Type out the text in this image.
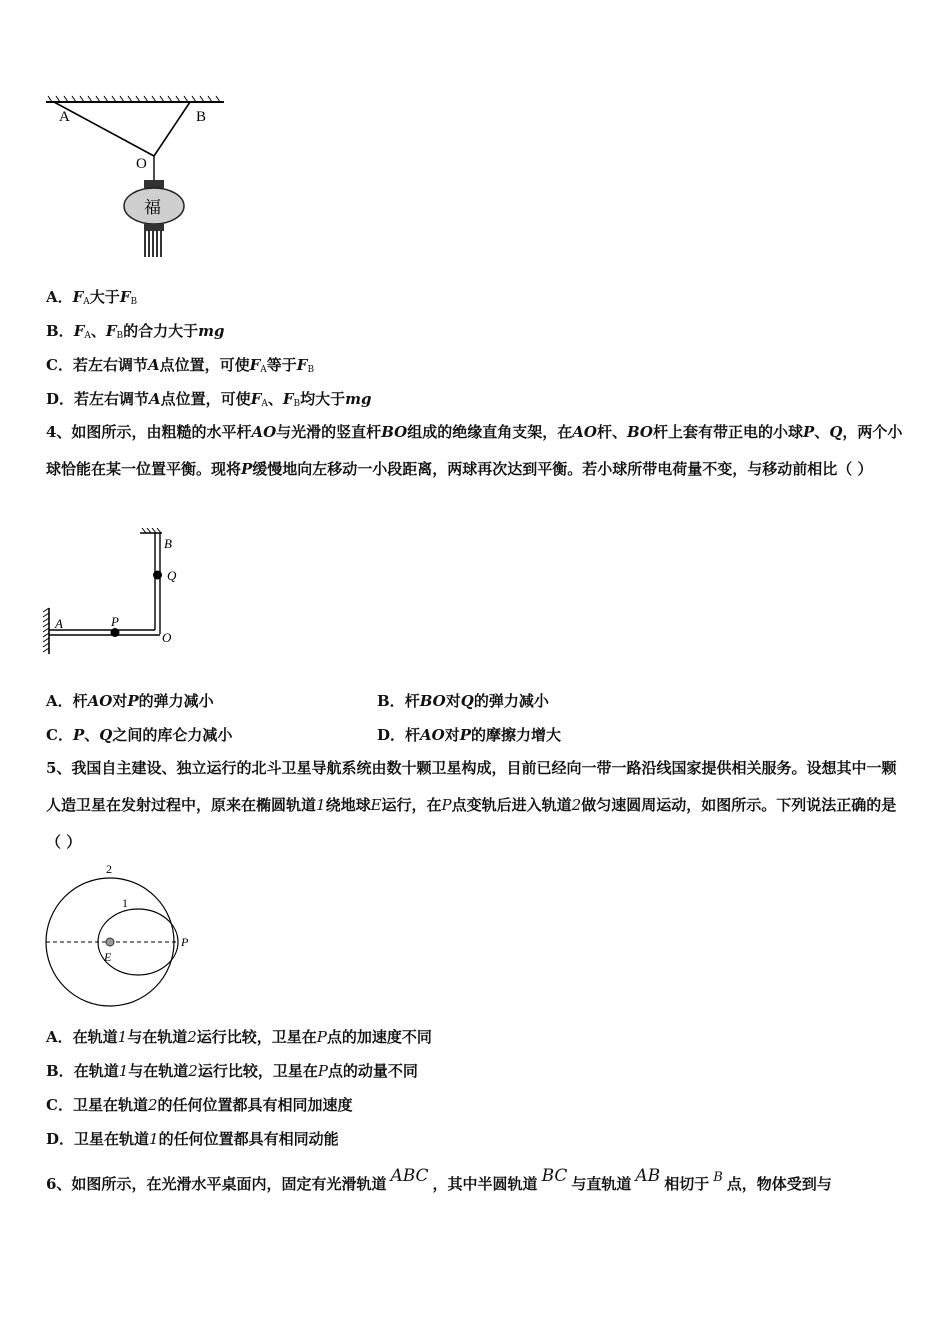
A	B
O
福
A．$F_A$大于$F_B$
B．$F_A$、$F_B$的合力大于mg
C．若左右调节A点位置，可使$F_A$等于$F_B$
D．若左右调节A点位置，可使$F_A$、$F_B$均大于mg
4、如图所示，由粗糙的水平杆AO与光滑的竖直杆BO组成的绝缘直角支架，在AO杆、BO杆上套有带正电的小球P、Q，两个小球恰能在某一位置平衡。现将P缓慢地向左移动一小段距离，两球再次达到平衡。若小球所带电荷量不变，与移动前相比（ ）
B
Q
A	P
O
A．杆AO对P的弹力减小	B．杆BO对Q的弹力减小
C．P、Q之间的库仑力减小	D．杆AO对P的摩擦力增大
5、我国自主建设、独立运行的北斗卫星导航系统由数十颗卫星构成，目前已经向一带一路沿线国家提供相关服务。设想其中一颗人造卫星在发射过程中，原来在椭圆轨道1绕地球E运行，在P点变轨后进入轨道2做匀速圆周运动，如图所示。下列说法正确的是（ ）
2
1
E
P
A．在轨道1与在轨道2运行比较，卫星在P点的加速度不同
B．在轨道1与在轨道2运行比较，卫星在P点的动量不同
C．卫星在轨道2的任何位置都具有相同加速度
D．卫星在轨道1的任何位置都具有相同动能
6、如图所示，在光滑水平桌面内，固定有光滑轨道 ABC ，其中半圆轨道 BC 与直轨道 AB 相切于 B 点，物体受到与
